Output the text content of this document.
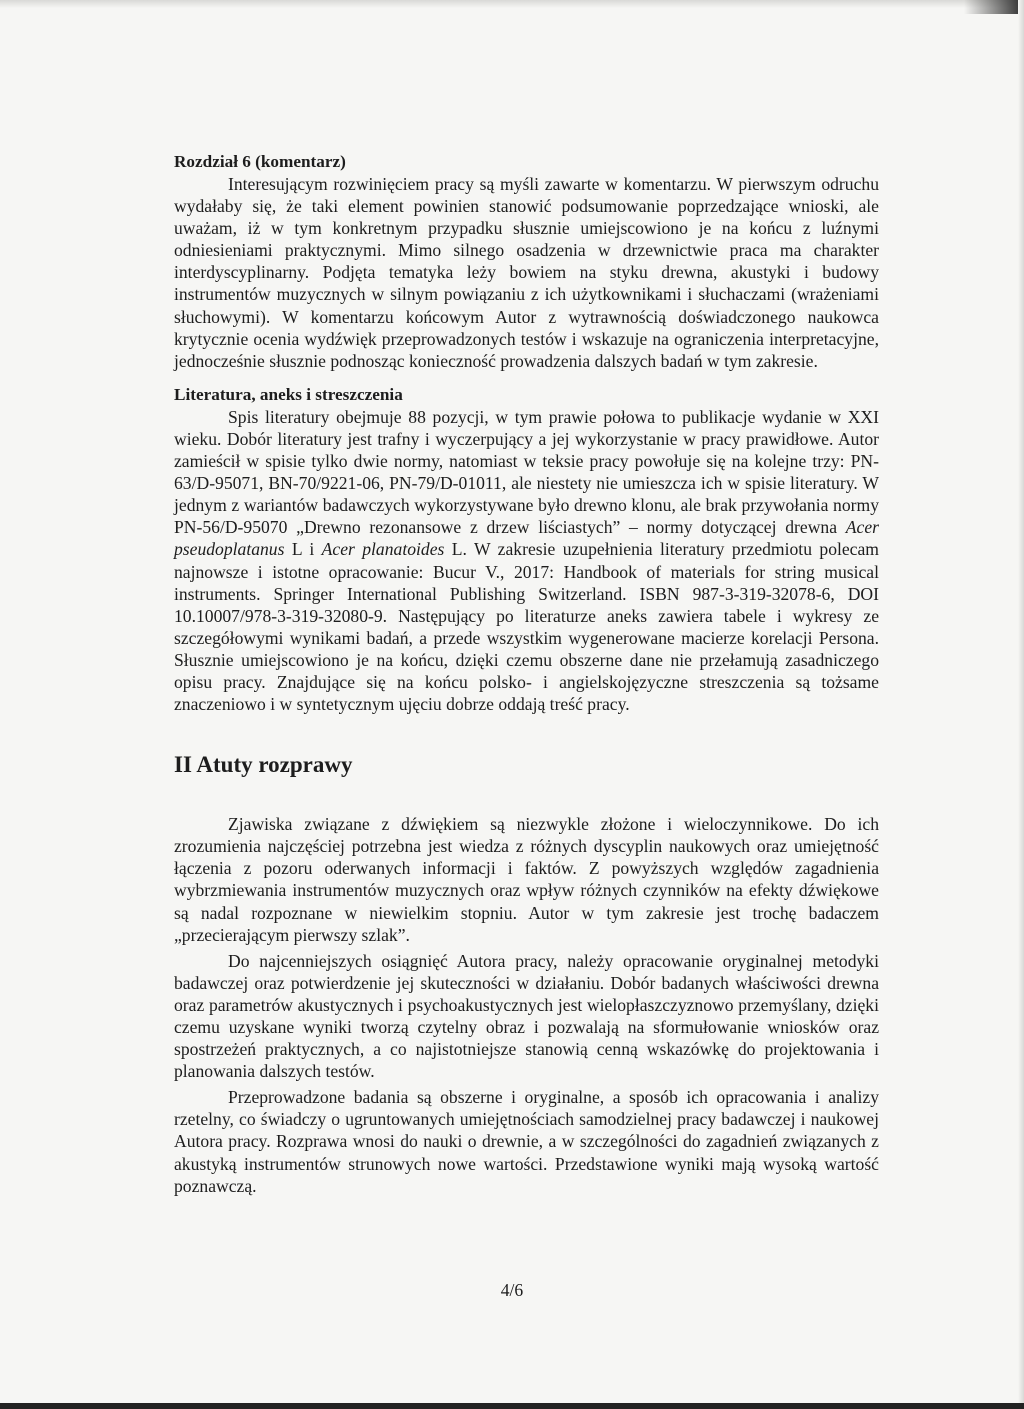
Rozdział 6 (komentarz)

Interesującym rozwinięciem pracy są myśli zawarte w komentarzu. W pierwszym odruchu wydałaby się, że taki element powinien stanowić podsumowanie poprzedzające wnioski, ale uważam, iż w tym konkretnym przypadku słusznie umiejscowiono je na końcu z luźnymi odniesieniami praktycznymi. Mimo silnego osadzenia w drzewnictwie praca ma charakter interdyscyplinarny. Podjęta tematyka leży bowiem na styku drewna, akustyki i budowy instrumentów muzycznych w silnym powiązaniu z ich użytkownikami i słuchaczami (wrażeniami słuchowymi). W komentarzu końcowym Autor z wytrawnością doświadczonego naukowca krytycznie ocenia wydźwięk przeprowadzonych testów i wskazuje na ograniczenia interpretacyjne, jednocześnie słusznie podnosząc konieczność prowadzenia dalszych badań w tym zakresie.

Literatura, aneks i streszczenia

Spis literatury obejmuje 88 pozycji, w tym prawie połowa to publikacje wydanie w XXI wieku. Dobór literatury jest trafny i wyczerpujący a jej wykorzystanie w pracy prawidłowe. Autor zamieścił w spisie tylko dwie normy, natomiast w teksie pracy powołuje się na kolejne trzy: PN-63/D-95071, BN-70/9221-06, PN-79/D-01011, ale niestety nie umieszcza ich w spisie literatury. W jednym z wariantów badawczych wykorzystywane było drewno klonu, ale brak przywołania normy PN-56/D-95070 „Drewno rezonansowe z drzew liściastych” – normy dotyczącej drewna Acer pseudoplatanus L i Acer planatoides L. W zakresie uzupełnienia literatury przedmiotu polecam najnowsze i istotne opracowanie: Bucur V., 2017: Handbook of materials for string musical instruments. Springer International Publishing Switzerland. ISBN 987-3-319-32078-6, DOI 10.10007/978-3-319-32080-9. Następujący po literaturze aneks zawiera tabele i wykresy ze szczegółowymi wynikami badań, a przede wszystkim wygenerowane macierze korelacji Persona. Słusznie umiejscowiono je na końcu, dzięki czemu obszerne dane nie przełamują zasadniczego opisu pracy. Znajdujące się na końcu polsko- i angielskojęzyczne streszczenia są tożsame znaczeniowo i w syntetycznym ujęciu dobrze oddają treść pracy.

II Atuty rozprawy

Zjawiska związane z dźwiękiem są niezwykle złożone i wieloczynnikowe. Do ich zrozumienia najczęściej potrzebna jest wiedza z różnych dyscyplin naukowych oraz umiejętność łączenia z pozoru oderwanych informacji i faktów. Z powyższych względów zagadnienia wybrzmiewania instrumentów muzycznych oraz wpływ różnych czynników na efekty dźwiękowe są nadal rozpoznane w niewielkim stopniu. Autor w tym zakresie jest trochę badaczem „przecierającym pierwszy szlak”.

Do najcenniejszych osiągnięć Autora pracy, należy opracowanie oryginalnej metodyki badawczej oraz potwierdzenie jej skuteczności w działaniu. Dobór badanych właściwości drewna oraz parametrów akustycznych i psychoakustycznych jest wielopłaszczyznowo przemyślany, dzięki czemu uzyskane wyniki tworzą czytelny obraz i pozwalają na sformułowanie wniosków oraz spostrzeżeń praktycznych, a co najistotniejsze stanowią cenną wskazówkę do projektowania i planowania dalszych testów.

Przeprowadzone badania są obszerne i oryginalne, a sposób ich opracowania i analizy rzetelny, co świadczy o ugruntowanych umiejętnościach samodzielnej pracy badawczej i naukowej Autora pracy. Rozprawa wnosi do nauki o drewnie, a w szczególności do zagadnień związanych z akustyką instrumentów strunowych nowe wartości. Przedstawione wyniki mają wysoką wartość poznawczą.

4/6
